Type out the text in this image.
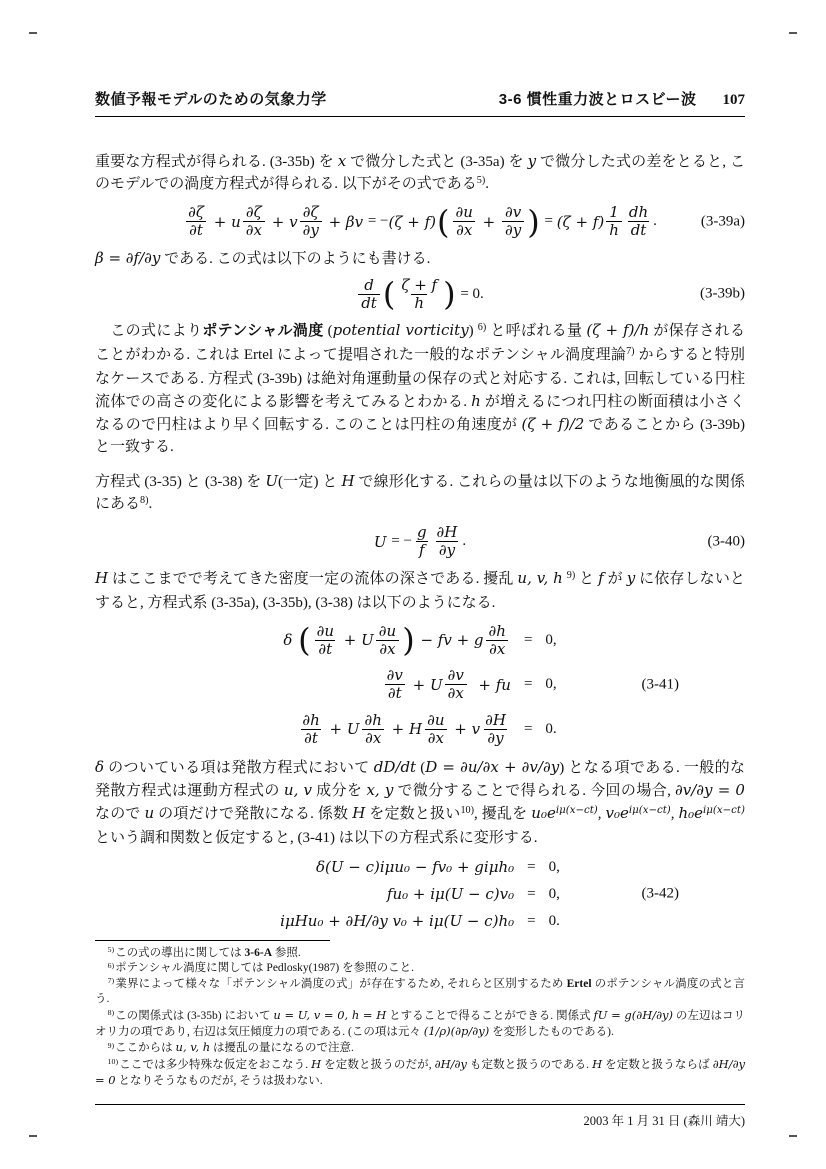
数値予報モデルのための気象力学	3-6 慣性重力波とロスビー波 107

重要な方程式が得られる. (3-35b) を x で微分した式と (3-35a) を y で微分した式の差をとると, このモデルでの渦度方程式が得られる. 以下がその式である$^{5)}$.

$\frac{\partial\zeta}{\partial t} + u \frac{\partial\zeta}{\partial x} + v \frac{\partial\zeta}{\partial y} + \beta v$ = − (ζ + f) ( $\frac{\partial u}{\partial x} + \frac{\partial v}{\partial y}$ ) = $(\zeta + f) \frac{1}{h} \frac{dh}{dt}$ .	(3-39a)

β = ∂f/∂y である. この式は以下のようにも書ける.

$\frac{d}{dt}$ ( $\frac{\zeta + f}{h}$ ) = 0.	(3-39b)

　この式によりポテンシャル渦度 (potential vorticity) $^{6)}$ と呼ばれる量 (ζ + f)/h が保存されることがわかる. これは Ertel によって提唱された一般的なポテンシャル渦度理論$^{7)}$ からすると特別なケースである. 方程式 (3-39b) は絶対角運動量の保存の式と対応する. これは, 回転している円柱流体での高さの変化による影響を考えてみるとわかる. h が増えるにつれ円柱の断面積は小さくなるので円柱はより早く回転する. このことは円柱の角速度が (ζ + f)/2 であることから (3-39b) と一致する.

方程式 (3-35) と (3-38) を U(一定) と H で線形化する. これらの量は以下のような地衡風的な関係にある$^{8)}$.

U = − $\frac{g}{f} \frac{\partial H}{\partial y}$ .	(3-40)

H はここまでで考えてきた密度一定の流体の深さである. 擾乱 u, v, h $^{9)}$ と f が y に依存しないとすると, 方程式系 (3-35a), (3-35b), (3-38) は以下のようになる.

δ ( $\frac{\partial u}{\partial t} + U \frac{\partial u}{\partial x}$ ) − fv + g $\frac{\partial h}{\partial x}$	= 0,
$\frac{\partial v}{\partial t} + U \frac{\partial v}{\partial x}$ + fu = 0,
$\frac{\partial h}{\partial t} + U \frac{\partial h}{\partial x} + H \frac{\partial u}{\partial x} + v \frac{\partial H}{\partial y}$	= 0.
(3-41)

δ のついている項は発散方程式において dD/dt (D = ∂u/∂x + ∂v/∂y) となる項である. 一般的な発散方程式は運動方程式の u, v 成分を x, y で微分することで得られる. 今回の場合, ∂v/∂y = 0 なので u の項だけで発散になる. 係数 H を定数と扱い$^{10)}$, 擾乱を $u_0e^{i\mu(x-ct)}$, $v_0e^{i\mu(x-ct)}$, $h_0e^{i\mu(x-ct)}$ という調和関数と仮定すると, (3-41) は以下の方程式系に変形する.

δ(U − c)iμu₀ − fv₀ + giμh₀ = 0,
fu₀ + iμ(U − c)v₀ = 0,
iμHu₀ + ∂H/∂y v₀ + iμ(U − c)h₀ = 0.
(3-42)

$^{5)}$この式の導出に関しては 3-6-A 参照.

$^{6)}$ポテンシャル渦度に関しては Pedlosky(1987) を参照のこと.

$^{7)}$業界によって様々な「ポテンシャル渦度の式」が存在するため, それらと区別するため Ertel のポテンシャル渦度の式と言う.

$^{8)}$この関係式は (3-35b) において u = U, v = 0, h = H とすることで得ることができる. 関係式 fU = g(∂H/∂y) の左辺はコリオリ力の項であり, 右辺は気圧傾度力の項である. (この項は元々 (1/ρ)(∂p/∂y) を変形したものである).

$^{9)}$ここからは u, v, h は擾乱の量になるので注意.

$^{10)}$ここでは多少特殊な仮定をおこなう. H を定数と扱うのだが, ∂H/∂y も定数と扱うのである. H を定数と扱うならば ∂H/∂y = 0 となりそうなものだが, そうは扱わない.

2003 年 1 月 31 日 (森川 靖大)
